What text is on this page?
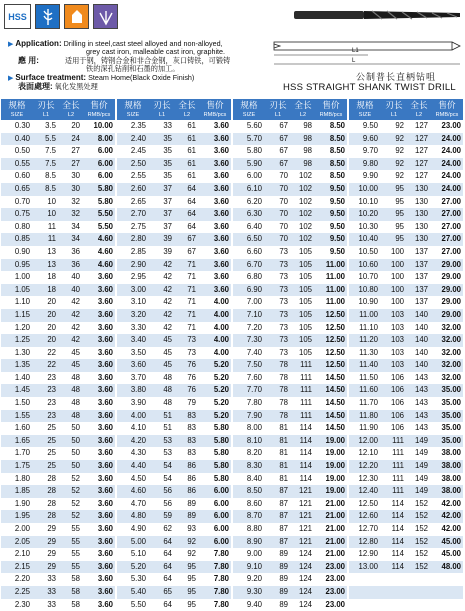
HSS
L1
L
▶ Application: Drilling in steel,cast steel alloyed and non-alloyed,
grey cast iron, malleable cast iron, graphite.
應 用:	适用于钢，铸钢合金和非合金钢，灰口铸铁，可锻铸
铁的深孔钻削和石墨的加工。
▶ Surface treatment: Steam Home(Black Oxide Finish)
表面處理: 氧化发黑处理
公制普长直柄钻咀
HSS STRAIGHT SHANK TWIST DRILL
规格	刃长	全长	售价
SIZE	L1	L2	RMB/pcs
0.30	3.5	20	10.00
0.40	5.5	24	8.00
0.50	7.5	27	6.00
0.55	7.5	27	6.00
0.60	8.5	30	6.00
0.65	8.5	30	5.80
0.70	10	32	5.80
0.75	10	32	5.50
0.80	11	34	5.50
0.85	11	34	4.60
0.90	13	36	4.60
0.95	13	36	4.60
1.00	18	40	3.60
1.05	18	40	3.60
1.10	20	42	3.60
1.15	20	42	3.60
1.20	20	42	3.60
1.25	20	42	3.60
1.30	22	45	3.60
1.35	22	45	3.60
1.40	23	48	3.60
1.45	23	48	3.60
1.50	23	48	3.60
1.55	23	48	3.60
1.60	25	50	3.60
1.65	25	50	3.60
1.70	25	50	3.60
1.75	25	50	3.60
1.80	28	52	3.60
1.85	28	52	3.60
1.90	28	52	3.60
1.95	28	52	3.60
2.00	29	55	3.60
2.05	29	55	3.60
2.10	29	55	3.60
2.15	29	55	3.60
2.20	33	58	3.60
2.25	33	58	3.60
2.30	33	58	3.60
规格	刃长	全长	售价
SIZE	L1	L2	RMB/pcs
2.35	33	61	3.60
2.40	35	61	3.60
2.45	35	61	3.60
2.50	35	61	3.60
2.55	35	61	3.60
2.60	37	64	3.60
2.65	37	64	3.60
2.70	37	64	3.60
2.75	37	64	3.60
2.80	39	67	3.60
2.85	39	67	3.60
2.90	42	71	3.60
2.95	42	71	3.60
3.00	42	71	3.60
3.10	42	71	4.00
3.20	42	71	4.00
3.30	42	71	4.00
3.40	45	73	4.00
3.50	45	73	4.00
3.60	45	76	5.20
3.70	48	76	5.20
3.80	48	76	5.20
3.90	48	79	5.20
4.00	51	83	5.20
4.10	51	83	5.80
4.20	53	83	5.80
4.30	53	83	5.80
4.40	54	86	5.80
4.50	54	86	5.80
4.60	56	86	6.00
4.70	56	89	6.00
4.80	59	89	6.00
4.90	62	93	6.00
5.00	64	92	6.00
5.10	64	92	7.80
5.20	64	95	7.80
5.30	64	95	7.80
5.40	65	95	7.80
5.50	64	95	7.80
规格	刃长	全长	售价
SIZE	L1	L2	RMB/pcs
5.60	67	98	8.50
5.70	67	98	8.50
5.80	67	98	8.50
5.90	67	98	8.50
6.00	70	102	8.50
6.10	70	102	9.50
6.20	70	102	9.50
6.30	70	102	9.50
6.40	70	102	9.50
6.50	70	102	9.50
6.60	73	105	9.50
6.70	73	105	11.00
6.80	73	105	11.00
6.90	73	105	11.00
7.00	73	105	11.00
7.10	73	105	12.50
7.20	73	105	12.50
7.30	73	105	12.50
7.40	73	105	12.50
7.50	78	111	12.50
7.60	78	111	14.50
7.70	78	111	14.50
7.80	78	111	14.50
7.90	78	111	14.50
8.00	81	114	14.50
8.10	81	114	19.00
8.20	81	114	19.00
8.30	81	114	19.00
8.40	81	114	19.00
8.50	87	121	19.00
8.60	87	121	21.00
8.70	87	121	21.00
8.80	87	121	21.00
8.90	87	121	21.00
9.00	89	124	21.00
9.10	89	124	23.00
9.20	89	124	23.00
9.30	89	124	23.00
9.40	89	124	23.00
规格	刃长	全长	售价
SIZE	L1	L2	RMB/pcs
9.50	92	127	23.00
9.60	92	127	24.00
9.70	92	127	24.00
9.80	92	127	24.00
9.90	92	127	24.00
10.00	95	130	24.00
10.10	95	130	27.00
10.20	95	130	27.00
10.30	95	130	27.00
10.40	95	130	27.00
10.50	100	137	27.00
10.60	100	137	29.00
10.70	100	137	29.00
10.80	100	137	29.00
10.90	100	137	29.00
11.00	103	140	29.00
11.10	103	140	32.00
11.20	103	140	32.00
11.30	103	140	32.00
11.40	103	140	32.00
11.50	106	143	32.00
11.60	106	143	35.00
11.70	106	143	35.00
11.80	106	143	35.00
11.90	106	143	35.00
12.00	111	149	35.00
12.10	111	149	38.00
12.20	111	149	38.00
12.30	111	149	38.00
12.40	111	149	38.00
12.50	114	152	42.00
12.60	114	152	42.00
12.70	114	152	42.00
12.80	114	152	45.00
12.90	114	152	45.00
13.00	114	152	48.00
